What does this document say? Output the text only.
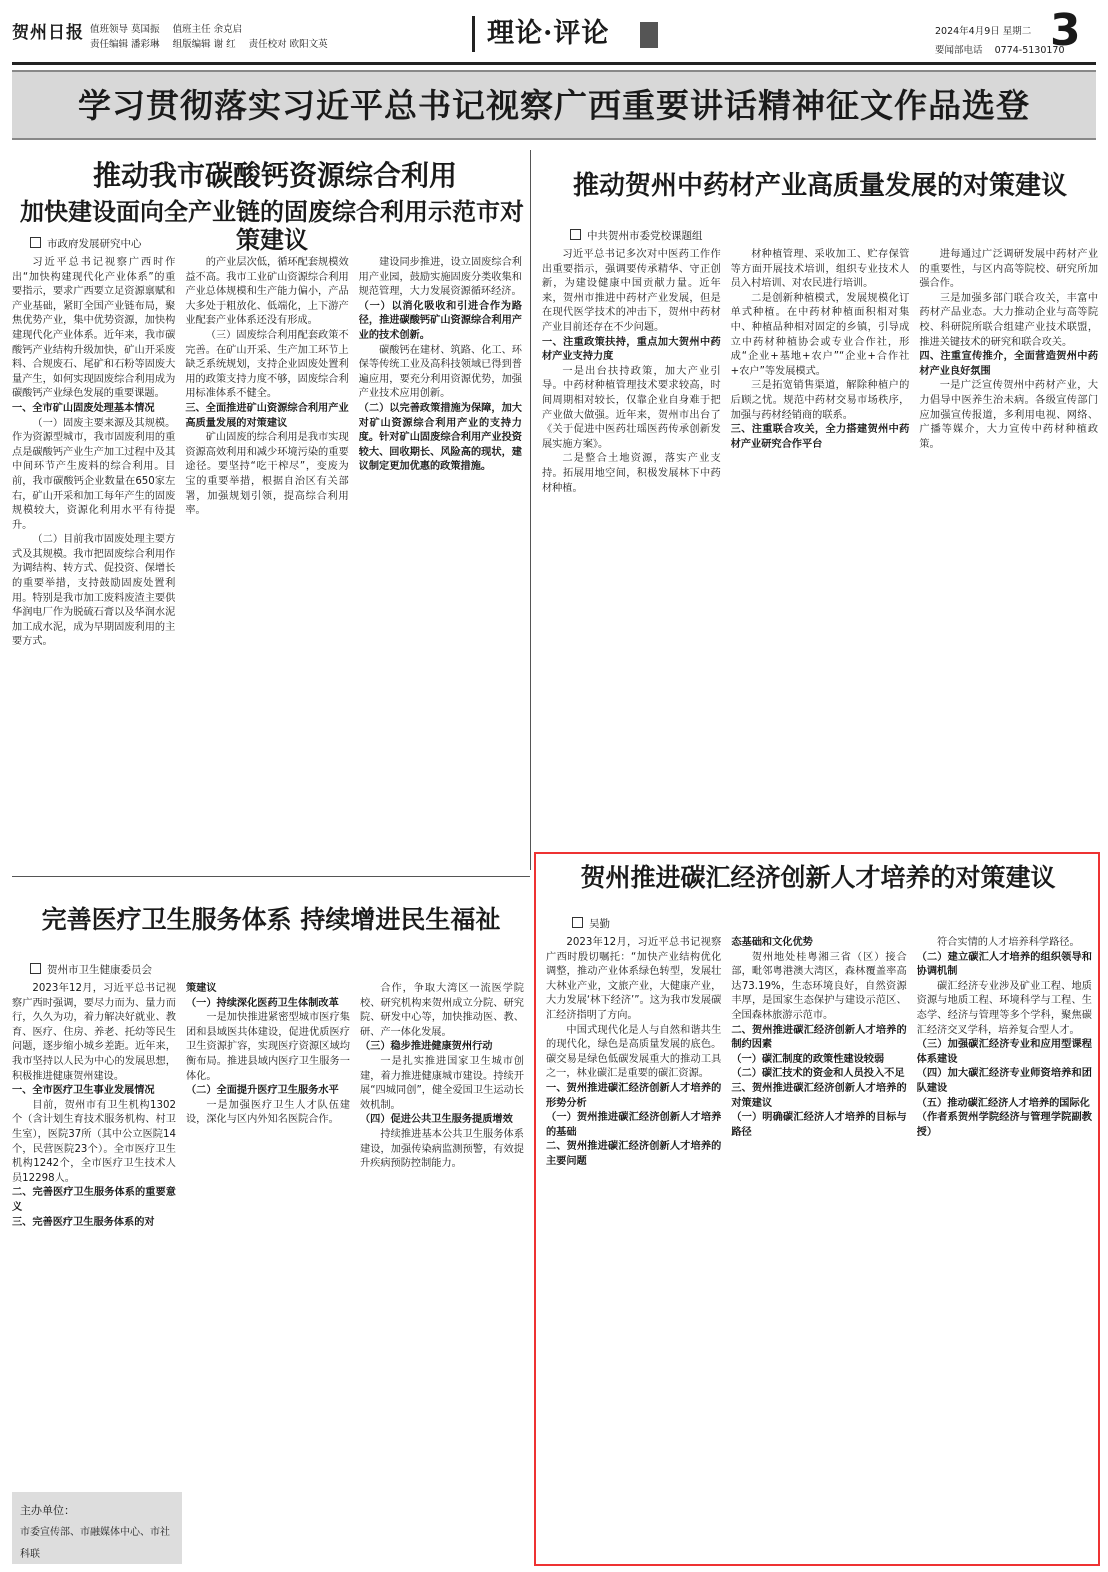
贺州日报 值班领导 莫国振 值班主任 余克启
责任编辑 潘彩琳 组版编辑 谢 红 责任校对 欧阳文英	理论·评论	2024年4月9日 星期二
要闻部电话 0774-5130170
3
学习贯彻落实习近平总书记视察广西重要讲话精神征文作品选登
推动我市碳酸钙资源综合利用
加快建设面向全产业链的固废综合利用示范市对策建议
市政府发展研究中心

习近平总书记视察广西时作出“加快构建现代化产业体系”的重要指示，要求广西要立足资源禀赋和产业基础，紧盯全国产业链布局，聚焦优势产业，集中优势资源，加快构建现代化产业体系。近年来，我市碳酸钙产业结构升级加快，矿山开采废料、合规废石、尾矿和石粉等固废大量产生，如何实现固废综合利用成为碳酸钙产业绿色发展的重要课题。

一、全市矿山固废处理基本情况

（一）固废主要来源及其规模。作为资源型城市，我市固废利用的重点是碳酸钙产业生产加工过程中及其中间环节产生废料的综合利用。目前，我市碳酸钙企业数量在650家左右，矿山开采和加工每年产生的固废规模较大，资源化利用水平有待提升。

（二）目前我市固废处理主要方式及其规模。我市把固废综合利用作为调结构、转方式、促投资、保增长的重要举措，支持鼓励固废处置利用。特别是我市加工废料废渣主要供华润电厂作为脱硫石膏以及华润水泥加工成水泥，成为早期固废利用的主要方式。

的产业层次低，循环配套规模效益不高。我市工业矿山资源综合利用产业总体规模和生产能力偏小，产品大多处于粗放化、低端化，上下游产业配套产业体系还没有形成。

（三）固废综合利用配套政策不完善。在矿山开采、生产加工环节上缺乏系统规划，支持企业固废处置利用的政策支持力度不够，固废综合利用标准体系不健全。

三、全面推进矿山资源综合利用产业高质量发展的对策建议

矿山固废的综合利用是我市实现资源高效利用和减少环境污染的重要途径。要坚持“吃干榨尽”，变废为宝的重要举措，根据自治区有关部署，加强规划引领，提高综合利用率。

建设同步推进，设立固废综合利用产业园，鼓励实施固废分类收集和规范管理，大力发展资源循环经济。

（一）以消化吸收和引进合作为路径，推进碳酸钙矿山资源综合利用产业的技术创新。

碳酸钙在建材、筑路、化工、环保等传统工业及高科技领域已得到普遍应用，要充分利用资源优势，加强产业技术应用创新。

（二）以完善政策措施为保障，加大对矿山资源综合利用产业的支持力度。针对矿山固废综合利用产业投资较大、回收期长、风险高的现状，建议制定更加优惠的政策措施。

推动贺州中药材产业高质量发展的对策建议
中共贺州市委党校课题组

习近平总书记多次对中医药工作作出重要指示，强调要传承精华、守正创新，为建设健康中国贡献力量。近年来，贺州市推进中药材产业发展，但是在现代医学技术的冲击下，贺州中药材产业目前还存在不少问题。

一、注重政策扶持，重点加大贺州中药材产业支持力度

一是出台扶持政策，加大产业引导。中药材种植管理技术要求较高，时间周期相对较长，仅靠企业自身难于把产业做大做强。近年来，贺州市出台了《关于促进中医药壮瑶医药传承创新发展实施方案》。

二是整合土地资源，落实产业支持。拓展用地空间，积极发展林下中药材种植。

材种植管理、采收加工、贮存保管等方面开展技术培训，组织专业技术人员入村培训、对农民进行培训。

二是创新种植模式，发展规模化订单式种植。在中药材种植面积相对集中、种植品种相对固定的乡镇，引导成立中药材种植协会或专业合作社，形成“企业+基地+农户”“企业+合作社+农户”等发展模式。

三是拓宽销售渠道，解除种植户的后顾之忧。规范中药材交易市场秩序，加强与药材经销商的联系。

三、注重联合攻关，全力搭建贺州中药材产业研究合作平台

进每通过广泛调研发展中药材产业的重要性，与区内高等院校、研究所加强合作。

三是加强多部门联合攻关，丰富中药材产品业态。大力推动企业与高等院校、科研院所联合组建产业技术联盟，推进关键技术的研究和联合攻关。

四、注重宣传推介，全面营造贺州中药材产业良好氛围

一是广泛宣传贺州中药材产业，大力倡导中医养生治未病。各级宣传部门应加强宣传报道，多利用电视、网络、广播等媒介，大力宣传中药材种植政策。

完善医疗卫生服务体系 持续增进民生福祉
贺州市卫生健康委员会

2023年12月，习近平总书记视察广西时强调，要尽力而为、量力而行，久久为功，着力解决好就业、教育、医疗、住房、养老、托幼等民生问题，逐步缩小城乡差距。近年来，我市坚持以人民为中心的发展思想，积极推进健康贺州建设。

一、全市医疗卫生事业发展情况

目前，贺州市有卫生机构1302个（含计划生育技术服务机构、村卫生室），医院37所（其中公立医院14个，民营医院23个）。全市医疗卫生机构1242个，全市医疗卫生技术人员12298人。

二、完善医疗卫生服务体系的重要意义

三、完善医疗卫生服务体系的对

策建议

（一）持续深化医药卫生体制改革

一是加快推进紧密型城市医疗集团和县域医共体建设，促进优质医疗卫生资源扩容，实现医疗资源区域均衡布局。推进县域内医疗卫生服务一体化。

（二）全面提升医疗卫生服务水平

一是加强医疗卫生人才队伍建设，深化与区内外知名医院合作。

合作，争取大湾区一流医学院校、研究机构来贺州成立分院、研究院、研发中心等，加快推动医、教、研、产一体化发展。

（三）稳步推进健康贺州行动

一是扎实推进国家卫生城市创建，着力推进健康城市建设。持续开展“四城同创”，健全爱国卫生运动长效机制。

（四）促进公共卫生服务提质增效

持续推进基本公共卫生服务体系建设，加强传染病监测预警，有效提升疾病预防控制能力。

主办单位：
市委宣传部、市融媒体中心、市社科联
贺州推进碳汇经济创新人才培养的对策建议
吴勤

2023年12月，习近平总书记视察广西时殷切嘱托：“加快产业结构优化调整，推动产业体系绿色转型，发展壮大林业产业，文旅产业，大健康产业，大力发展‘林下经济’”。这为我市发展碳汇经济指明了方向。

中国式现代化是人与自然和谐共生的现代化，绿色是高质量发展的底色。碳交易是绿色低碳发展重大的推动工具之一，林业碳汇是重要的碳汇资源。

一、贺州推进碳汇经济创新人才培养的形势分析

（一）贺州推进碳汇经济创新人才培养的基础

二、贺州推进碳汇经济创新人才培养的主要问题

态基础和文化优势

贺州地处桂粤湘三省（区）接合部，毗邻粤港澳大湾区，森林覆盖率高达73.19%，生态环境良好，自然资源丰厚，是国家生态保护与建设示范区、全国森林旅游示范市。

二、贺州推进碳汇经济创新人才培养的制约因素

（一）碳汇制度的政策性建设较弱

（二）碳汇技术的资金和人员投入不足

三、贺州推进碳汇经济创新人才培养的对策建议

（一）明确碳汇经济人才培养的目标与路径

符合实情的人才培养科学路径。

（二）建立碳汇人才培养的组织领导和协调机制

碳汇经济专业涉及矿业工程、地质资源与地质工程、环境科学与工程、生态学、经济与管理等多个学科，聚焦碳汇经济交叉学科，培养复合型人才。

（三）加强碳汇经济专业和应用型课程体系建设

（四）加大碳汇经济专业师资培养和团队建设

（五）推动碳汇经济人才培养的国际化

（作者系贺州学院经济与管理学院副教授）
